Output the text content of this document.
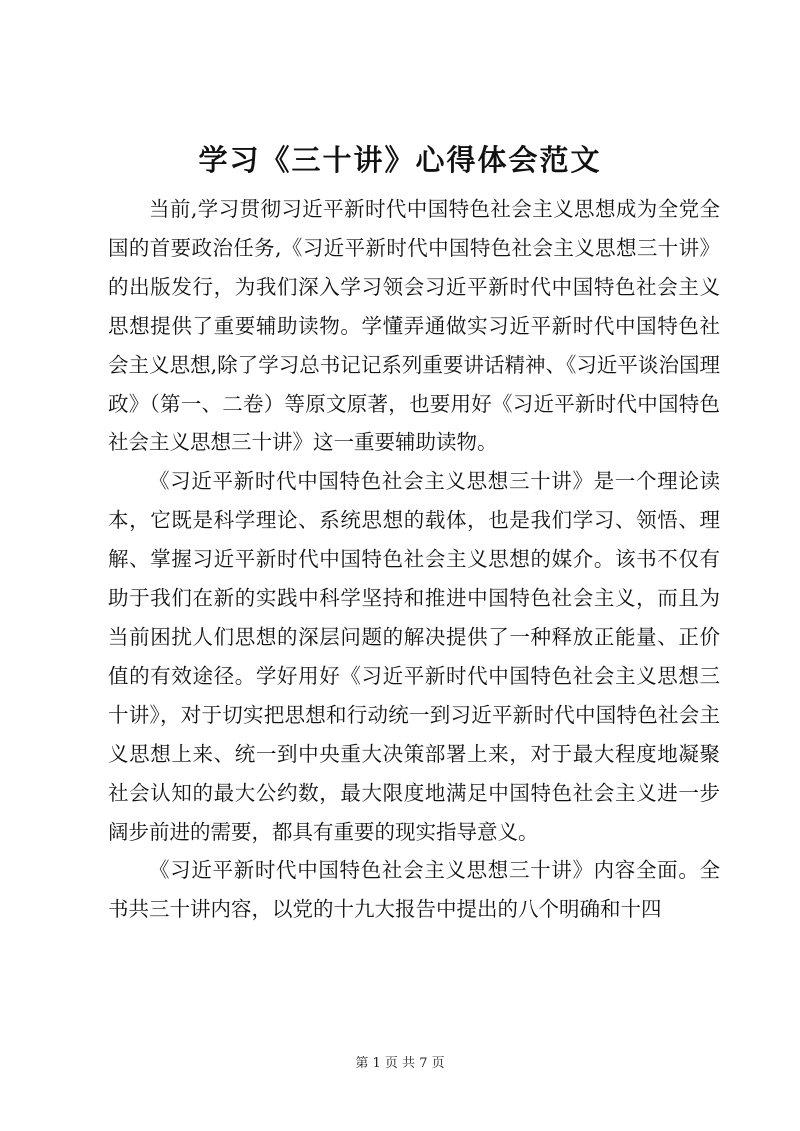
学习《三十讲》心得体会范文

当前,学习贯彻习近平新时代中国特色社会主义思想成为全党全国的首要政治任务,《习近平新时代中国特色社会主义思想三十讲》的出版发行，为我们深入学习领会习近平新时代中国特色社会主义思想提供了重要辅助读物。学懂弄通做实习近平新时代中国特色社会主义思想,除了学习总书记记系列重要讲话精神、《习近平谈治国理政》（第一、二卷）等原文原著，也要用好《习近平新时代中国特色社会主义思想三十讲》这一重要辅助读物。

《习近平新时代中国特色社会主义思想三十讲》是一个理论读本，它既是科学理论、系统思想的载体，也是我们学习、领悟、理解、掌握习近平新时代中国特色社会主义思想的媒介。该书不仅有助于我们在新的实践中科学坚持和推进中国特色社会主义，而且为当前困扰人们思想的深层问题的解决提供了一种释放正能量、正价值的有效途径。学好用好《习近平新时代中国特色社会主义思想三十讲》，对于切实把思想和行动统一到习近平新时代中国特色社会主义思想上来、统一到中央重大决策部署上来，对于最大程度地凝聚社会认知的最大公约数，最大限度地满足中国特色社会主义进一步阔步前进的需要，都具有重要的现实指导意义。

《习近平新时代中国特色社会主义思想三十讲》内容全面。全书共三十讲内容，以党的十九大报告中提出的八个明确和十四

第 1 页 共 7 页
